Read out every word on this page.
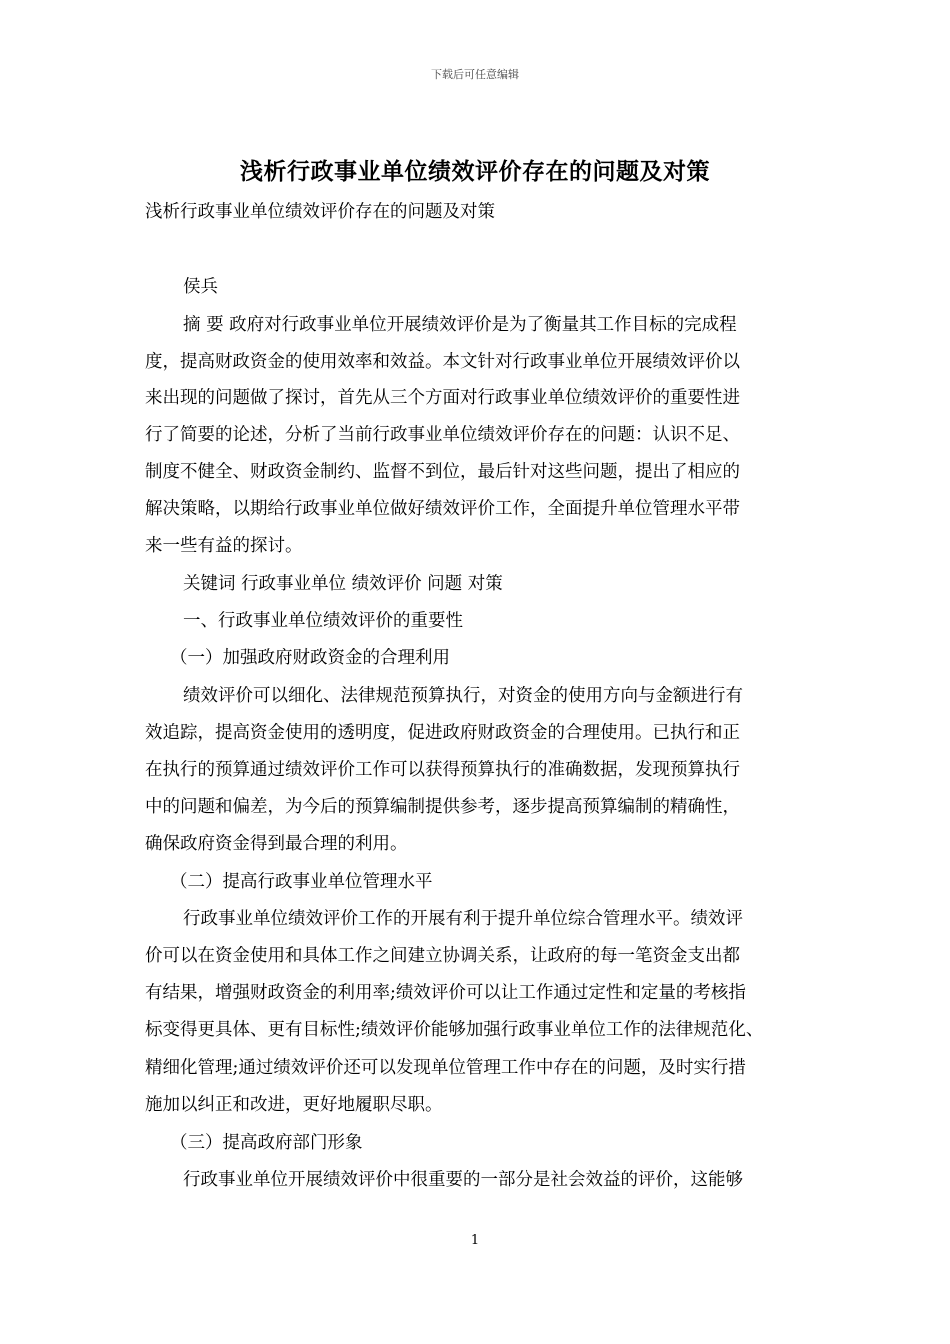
下载后可任意编辑
浅析行政事业单位绩效评价存在的问题及对策
浅析行政事业单位绩效评价存在的问题及对策
侯兵
摘 要 政府对行政事业单位开展绩效评价是为了衡量其工作目标的完成程
度，提高财政资金的使用效率和效益。本文针对行政事业单位开展绩效评价以
来出现的问题做了探讨，首先从三个方面对行政事业单位绩效评价的重要性进
行了简要的论述，分析了当前行政事业单位绩效评价存在的问题：认识不足、
制度不健全、财政资金制约、监督不到位，最后针对这些问题，提出了相应的
解决策略，以期给行政事业单位做好绩效评价工作，全面提升单位管理水平带
来一些有益的探讨。
关键词 行政事业单位 绩效评价 问题 对策
一、行政事业单位绩效评价的重要性
（一）加强政府财政资金的合理利用
绩效评价可以细化、法律规范预算执行，对资金的使用方向与金额进行有
效追踪，提高资金使用的透明度，促进政府财政资金的合理使用。已执行和正
在执行的预算通过绩效评价工作可以获得预算执行的准确数据，发现预算执行
中的问题和偏差，为今后的预算编制提供参考，逐步提高预算编制的精确性，
确保政府资金得到最合理的利用。
（二）提高行政事业单位管理水平
行政事业单位绩效评价工作的开展有利于提升单位综合管理水平。绩效评
价可以在资金使用和具体工作之间建立协调关系，让政府的每一笔资金支出都
有结果，增强财政资金的利用率;绩效评价可以让工作通过定性和定量的考核指
标变得更具体、更有目标性;绩效评价能够加强行政事业单位工作的法律规范化、
精细化管理;通过绩效评价还可以发现单位管理工作中存在的问题，及时实行措
施加以纠正和改进，更好地履职尽职。
（三）提高政府部门形象
行政事业单位开展绩效评价中很重要的一部分是社会效益的评价，这能够
1
